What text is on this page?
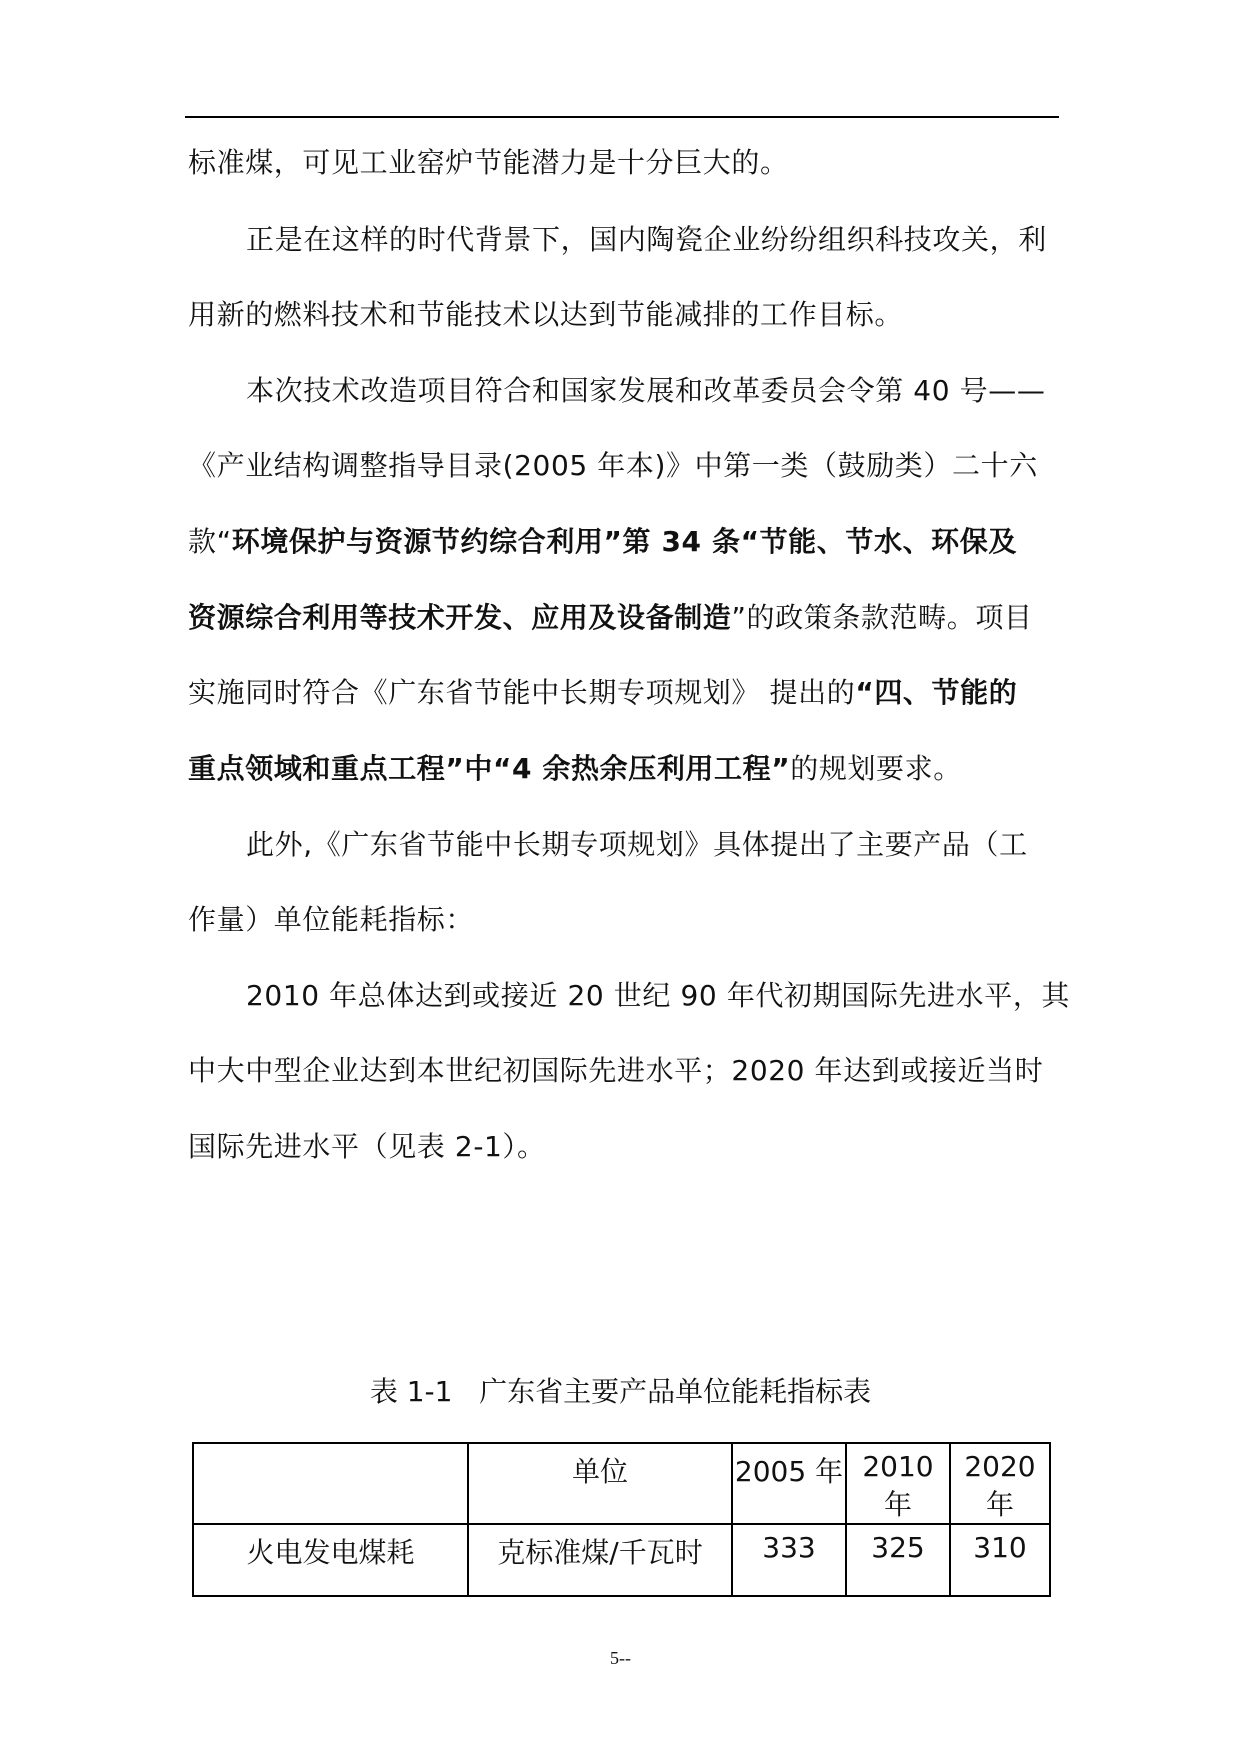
标准煤，可见工业窑炉节能潜力是十分巨大的。
正是在这样的时代背景下，国内陶瓷企业纷纷组织科技攻关，利
用新的燃料技术和节能技术以达到节能减排的工作目标。
本次技术改造项目符合和国家发展和改革委员会令第 40 号——
《产业结构调整指导目录(2005 年本)》中第一类（鼓励类）二十六
款“环境保护与资源节约综合利用”第 34 条“节能、节水、环保及
资源综合利用等技术开发、应用及设备制造”的政策条款范畴。项目
实施同时符合《广东省节能中长期专项规划》 提出的“四、节能的
重点领域和重点工程”中“4 余热余压利用工程”的规划要求。
此外,《广东省节能中长期专项规划》具体提出了主要产品（工
作量）单位能耗指标：
2010 年总体达到或接近 20 世纪 90 年代初期国际先进水平，其
中大中型企业达到本世纪初国际先进水平；2020 年达到或接近当时
国际先进水平（见表 2-1）。
表 1-1   广东省主要产品单位能耗指标表
	单位	2005 年	2010 年	2020 年
火电发电煤耗	克标准煤/千瓦时	333	325	310
5--
